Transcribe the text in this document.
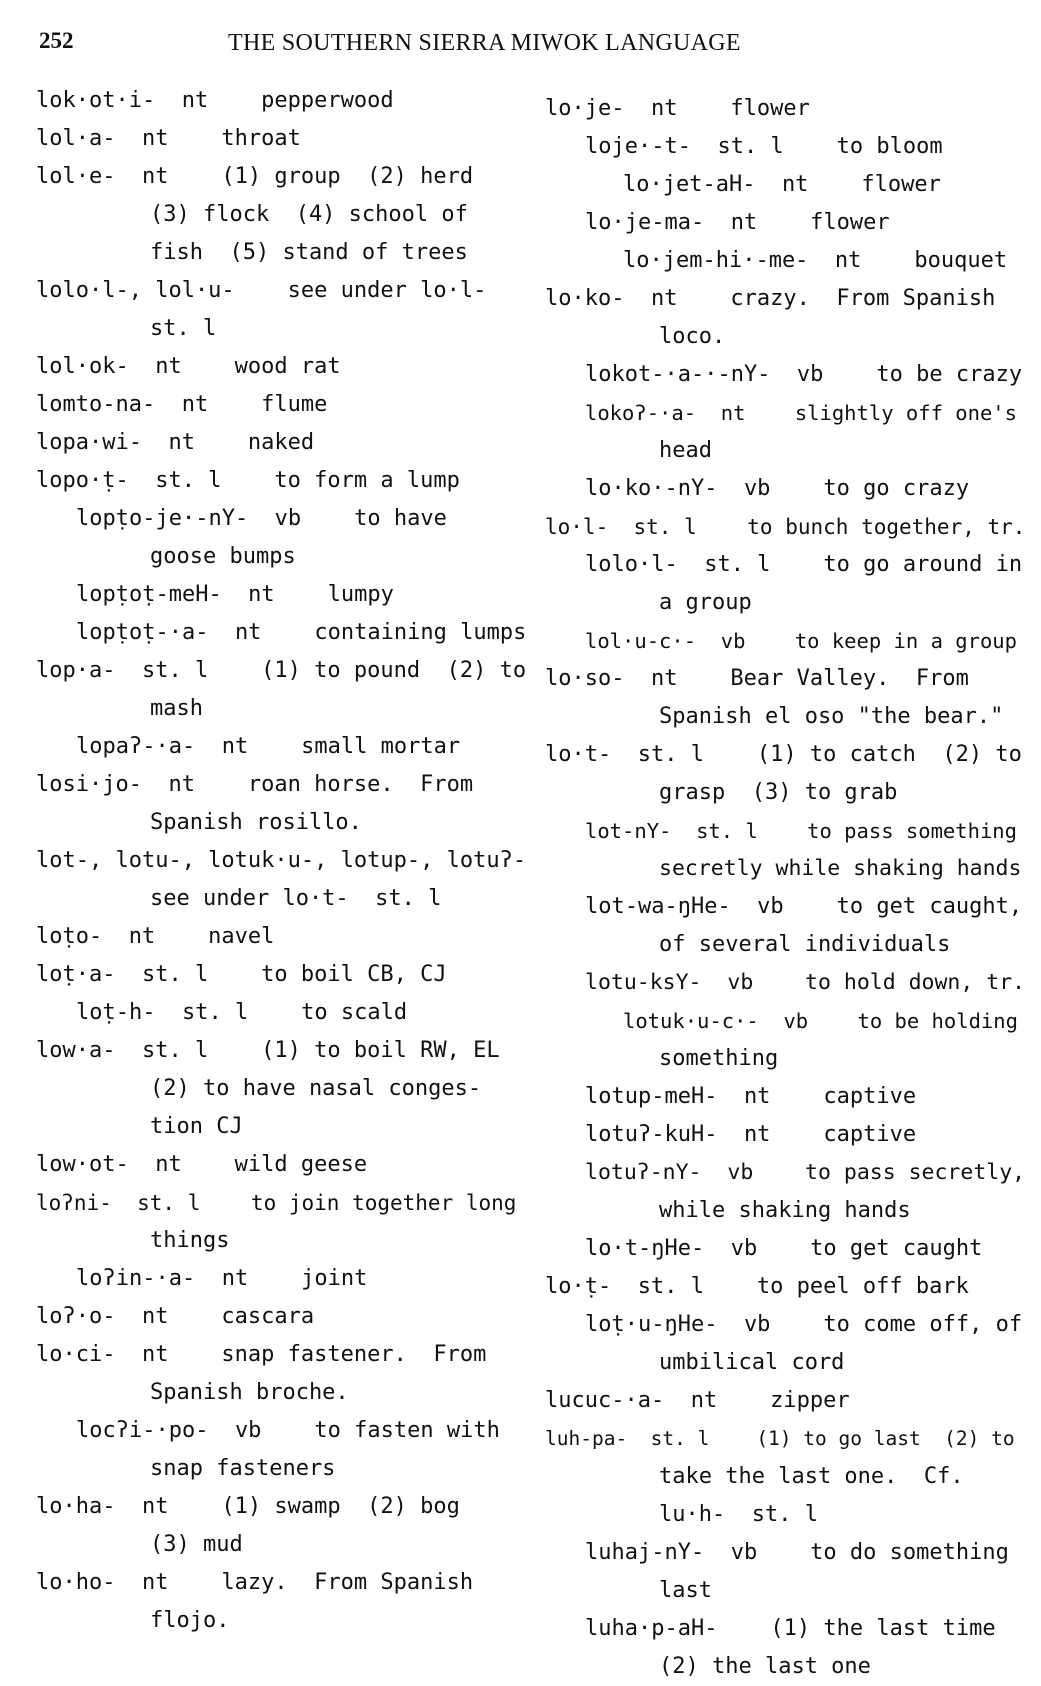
252	THE SOUTHERN SIERRA MIWOK LANGUAGE
lok·ot·i-  nt    pepperwood
lol·a-  nt    throat
lol·e-  nt    (1) group  (2) herd
(3) flock  (4) school of
fish  (5) stand of trees
lolo·l-, lol·u-    see under lo·l-
st. l
lol·ok-  nt    wood rat
lomto-na-  nt    flume
lopa·wi-  nt    naked
lopo·ṭ-  st. l    to form a lump
lopṭo-je·-nY-  vb    to have
goose bumps
lopṭoṭ-meH-  nt    lumpy
lopṭoṭ-·a-  nt    containing lumps
lop·a-  st. l    (1) to pound  (2) to
mash
lopaʔ-·a-  nt    small mortar
losi·jo-  nt    roan horse.  From
Spanish rosillo.
lot-, lotu-, lotuk·u-, lotup-, lotuʔ-
see under lo·t-  st. l
loṭo-  nt    navel
loṭ·a-  st. l    to boil CB, CJ
loṭ-h-  st. l    to scald
low·a-  st. l    (1) to boil RW, EL
(2) to have nasal conges-
tion CJ
low·ot-  nt    wild geese
loʔni-  st. l    to join together long
things
loʔin-·a-  nt    joint
loʔ·o-  nt    cascara
lo·ci-  nt    snap fastener.  From
Spanish broche.
locʔi-·po-  vb    to fasten with
snap fasteners
lo·ha-  nt    (1) swamp  (2) bog
(3) mud
lo·ho-  nt    lazy.  From Spanish
flojo.
lo·je-  nt    flower
loje·-t-  st. l    to bloom
lo·jet-aH-  nt    flower
lo·je-ma-  nt    flower
lo·jem-hi·-me-  nt    bouquet
lo·ko-  nt    crazy.  From Spanish
loco.
lokot-·a-·-nY-  vb    to be crazy
lokoʔ-·a-  nt    slightly off one's
head
lo·ko·-nY-  vb    to go crazy
lo·l-  st. l    to bunch together, tr.
lolo·l-  st. l    to go around in
a group
lol·u-c·-  vb    to keep in a group
lo·so-  nt    Bear Valley.  From
Spanish el oso "the bear."
lo·t-  st. l    (1) to catch  (2) to
grasp  (3) to grab
lot-nY-  st. l    to pass something
secretly while shaking hands
lot-wa-ŋHe-  vb    to get caught,
of several individuals
lotu-ksY-  vb    to hold down, tr.
lotuk·u-c·-  vb    to be holding
something
lotup-meH-  nt    captive
lotuʔ-kuH-  nt    captive
lotuʔ-nY-  vb    to pass secretly,
while shaking hands
lo·t-ŋHe-  vb    to get caught
lo·ṭ-  st. l    to peel off bark
loṭ·u-ŋHe-  vb    to come off, of
umbilical cord
lucuc-·a-  nt    zipper
luh-pa-  st. l    (1) to go last  (2) to
take the last one.  Cf.
lu·h-  st. l
luhaj-nY-  vb    to do something
last
luha·p-aH-    (1) the last time
(2) the last one
